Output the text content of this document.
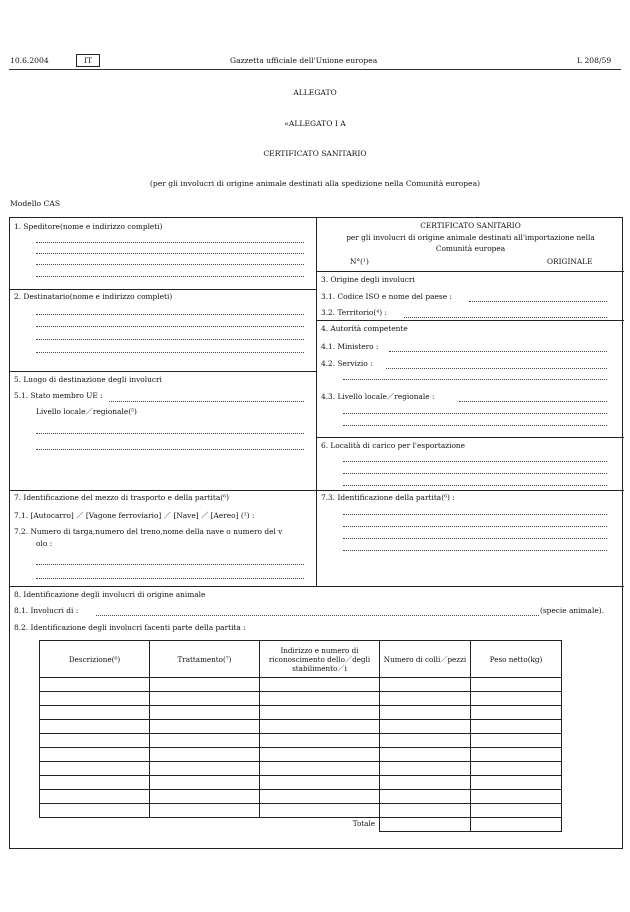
10.6.2004	IT	Gazzetta ufficiale dell'Unione europea	L 208/59
ALLEGATO
«ALLEGATO I A
CERTIFICATO SANITARIO
(per gli involucri di origine animale destinati alla spedizione nella Comunità europea)
Modello CAS
1. Speditore(nome e indirizzo completi)
2. Destinatario(nome e indirizzo completi)
5. Luogo di destinazione degli involucri
5.1. Stato membro UE :
Livello locale／regionale(⁵)
7. Identificazione del mezzo di trasporto e della partita(⁶)
7.1. [Autocarro] ／ [Vagone ferroviario] ／ [Nave] ／ [Aereo] (²) :
7.2. Numero di targa,numero del treno,nome della nave o numero del v
olo :
CERTIFICATO SANITARIO
per gli involucri di origine animale destinati all'importazione nella
Comunità europea
N°(¹)	ORIGINALE
3. Origine degli involucri
3.1. Codice ISO e nome del paese :
3.2. Territorio(⁴) :
4. Autorità competente
4.1. Ministero :
4.2. Servizio :
4.3. Livello locale／regionale :
6. Località di carico per l'esportazione
7.3. Identificazione della partita(⁶) :
8. Identificazione degli involucri di origine animale
8.1. Involucri di :	(specie animale).
8.2. Identificazione degli involucri facenti parte della partita :
Descrizione(⁶)	Trattamento(⁷)	Indirizzo e numero di riconoscimento dello／degli stabilimento／i	Numero di colli／pezzi	Peso netto(kg)

Totale				
